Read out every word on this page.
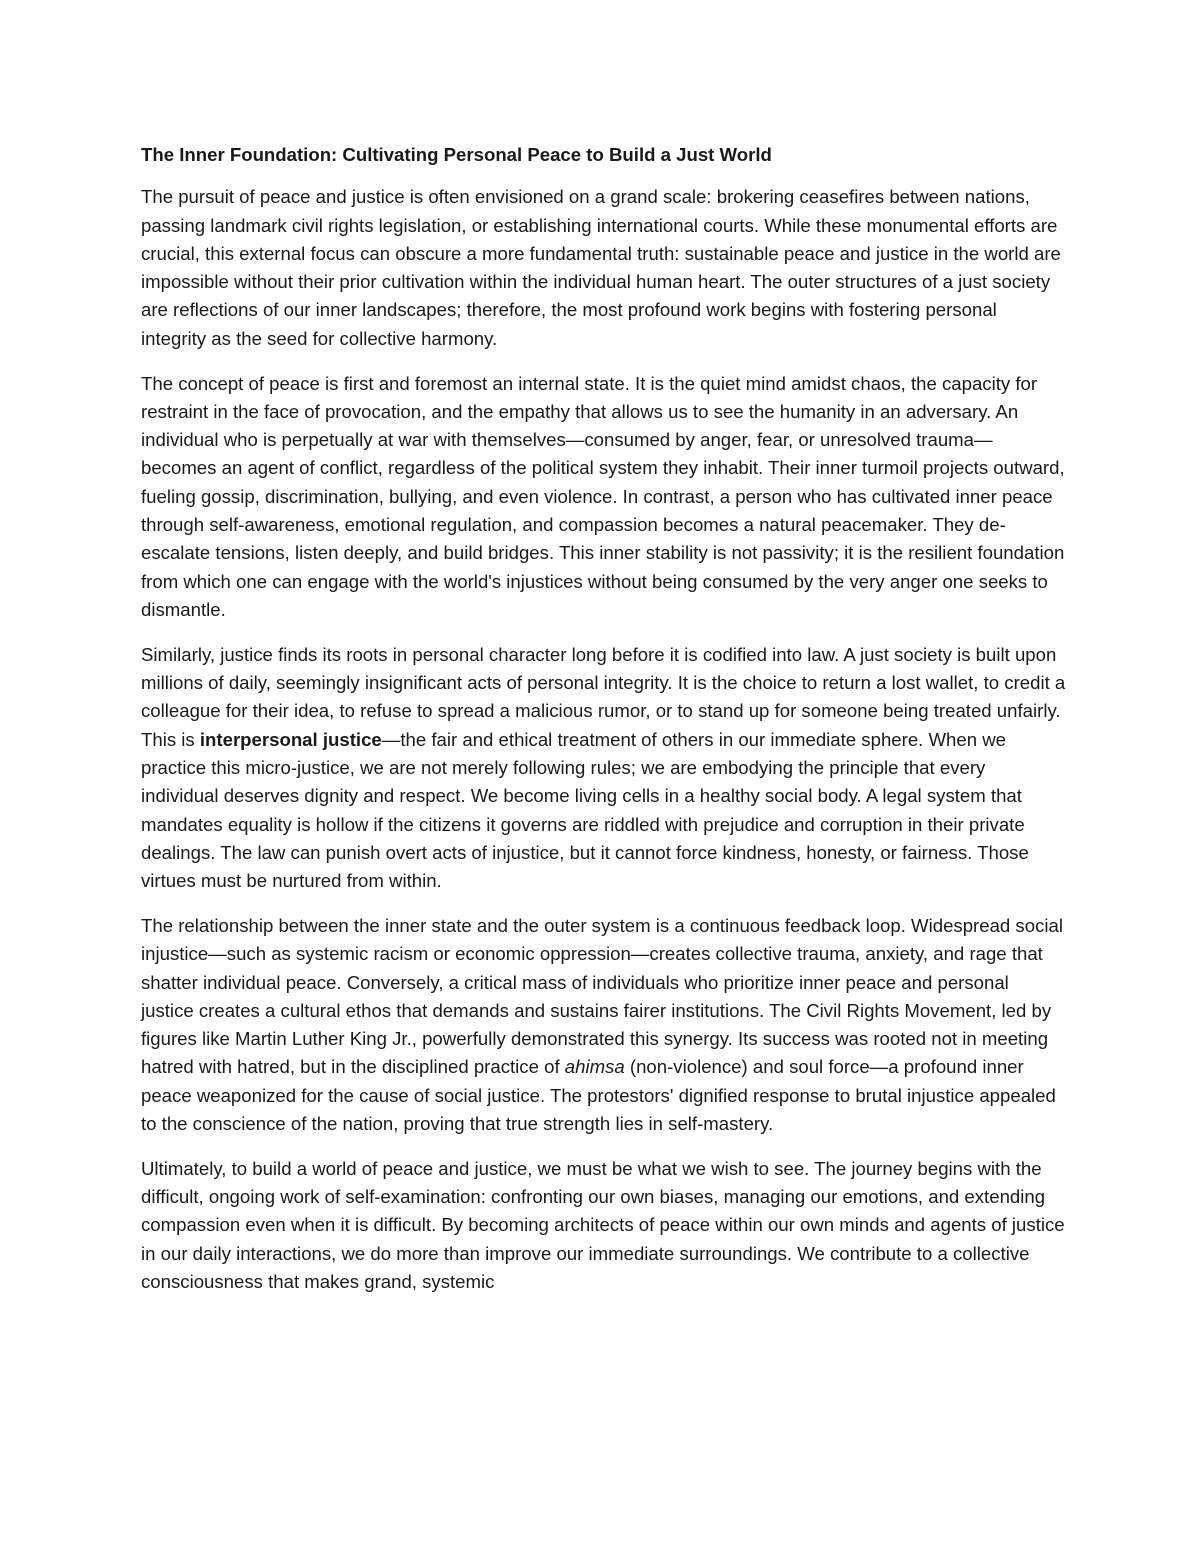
The Inner Foundation: Cultivating Personal Peace to Build a Just World

The pursuit of peace and justice is often envisioned on a grand scale: brokering ceasefires between nations, passing landmark civil rights legislation, or establishing international courts. While these monumental efforts are crucial, this external focus can obscure a more fundamental truth: sustainable peace and justice in the world are impossible without their prior cultivation within the individual human heart. The outer structures of a just society are reflections of our inner landscapes; therefore, the most profound work begins with fostering personal integrity as the seed for collective harmony.

The concept of peace is first and foremost an internal state. It is the quiet mind amidst chaos, the capacity for restraint in the face of provocation, and the empathy that allows us to see the humanity in an adversary. An individual who is perpetually at war with themselves—consumed by anger, fear, or unresolved trauma—becomes an agent of conflict, regardless of the political system they inhabit. Their inner turmoil projects outward, fueling gossip, discrimination, bullying, and even violence. In contrast, a person who has cultivated inner peace through self-awareness, emotional regulation, and compassion becomes a natural peacemaker. They de-escalate tensions, listen deeply, and build bridges. This inner stability is not passivity; it is the resilient foundation from which one can engage with the world's injustices without being consumed by the very anger one seeks to dismantle.

Similarly, justice finds its roots in personal character long before it is codified into law. A just society is built upon millions of daily, seemingly insignificant acts of personal integrity. It is the choice to return a lost wallet, to credit a colleague for their idea, to refuse to spread a malicious rumor, or to stand up for someone being treated unfairly. This is interpersonal justice—the fair and ethical treatment of others in our immediate sphere. When we practice this micro-justice, we are not merely following rules; we are embodying the principle that every individual deserves dignity and respect. We become living cells in a healthy social body. A legal system that mandates equality is hollow if the citizens it governs are riddled with prejudice and corruption in their private dealings. The law can punish overt acts of injustice, but it cannot force kindness, honesty, or fairness. Those virtues must be nurtured from within.

The relationship between the inner state and the outer system is a continuous feedback loop. Widespread social injustice—such as systemic racism or economic oppression—creates collective trauma, anxiety, and rage that shatter individual peace. Conversely, a critical mass of individuals who prioritize inner peace and personal justice creates a cultural ethos that demands and sustains fairer institutions. The Civil Rights Movement, led by figures like Martin Luther King Jr., powerfully demonstrated this synergy. Its success was rooted not in meeting hatred with hatred, but in the disciplined practice of ahimsa (non-violence) and soul force—a profound inner peace weaponized for the cause of social justice. The protestors' dignified response to brutal injustice appealed to the conscience of the nation, proving that true strength lies in self-mastery.

Ultimately, to build a world of peace and justice, we must be what we wish to see. The journey begins with the difficult, ongoing work of self-examination: confronting our own biases, managing our emotions, and extending compassion even when it is difficult. By becoming architects of peace within our own minds and agents of justice in our daily interactions, we do more than improve our immediate surroundings. We contribute to a collective consciousness that makes grand, systemic
